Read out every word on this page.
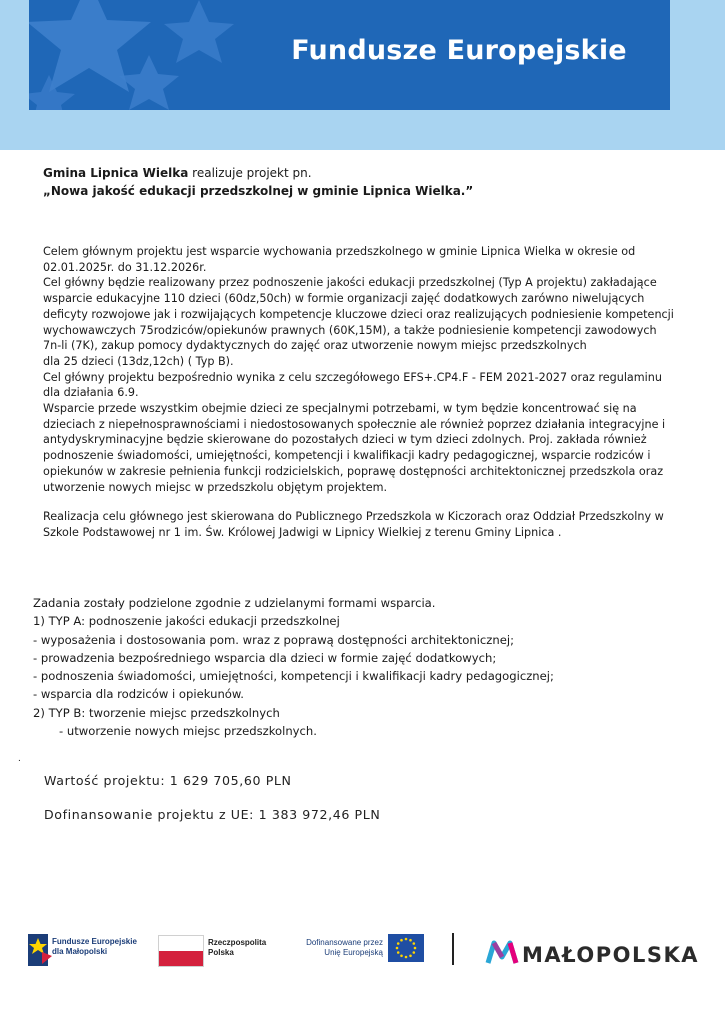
Fundusze Europejskie

Gmina Lipnica Wielka realizuje projekt pn.

„Nowa jakość edukacji przedszkolnej w gminie Lipnica Wielka.”

Celem głównym projektu jest wsparcie wychowania przedszkolnego w gminie Lipnica Wielka w okresie od
02.01.2025r. do 31.12.2026r.
Cel główny będzie realizowany przez podnoszenie jakości edukacji przedszkolnej (Typ A projektu) zakładające
wsparcie edukacyjne 110 dzieci (60dz,50ch) w formie organizacji zajęć dodatkowych zarówno niwelujących
deficyty rozwojowe jak i rozwijających kompetencje kluczowe dzieci oraz realizujących podniesienie kompetencji
wychowawczych 75rodziców/opiekunów prawnych (60K,15M), a także podniesienie kompetencji zawodowych
7n-li (7K), zakup pomocy dydaktycznych do zajęć oraz utworzenie nowym miejsc przedszkolnych
dla 25 dzieci (13dz,12ch) ( Typ B).
Cel główny projektu bezpośrednio wynika z celu szczegółowego EFS+.CP4.F - FEM 2021-2027 oraz regulaminu
dla działania 6.9.
Wsparcie przede wszystkim obejmie dzieci ze specjalnymi potrzebami, w tym będzie koncentrować się na
dzieciach z niepełnosprawnościami i niedostosowanych społecznie ale również poprzez działania integracyjne i
antydyskryminacyjne będzie skierowane do pozostałych dzieci w tym dzieci zdolnych. Proj. zakłada również
podnoszenie świadomości, umiejętności, kompetencji i kwalifikacji kadry pedagogicznej, wsparcie rodziców i
opiekunów w zakresie pełnienia funkcji rodzicielskich, poprawę dostępności architektonicznej przedszkola oraz
utworzenie nowych miejsc w przedszkolu objętym projektem.

Realizacja celu głównego jest skierowana do Publicznego Przedszkola w Kiczorach oraz Oddział Przedszkolny w
Szkole Podstawowej nr 1 im. Św. Królowej Jadwigi w Lipnicy Wielkiej z terenu Gminy Lipnica .

Zadania zostały podzielone zgodnie z udzielanymi formami wsparcia.
1) TYP A: podnoszenie jakości edukacji przedszkolnej
- wyposażenia i dostosowania pom. wraz z poprawą dostępności architektonicznej;
- prowadzenia bezpośredniego wsparcia dla dzieci w formie zajęć dodatkowych;
- podnoszenia świadomości, umiejętności, kompetencji i kwalifikacji kadry pedagogicznej;
- wsparcia dla rodziców i opiekunów.
2) TYP B: tworzenie miejsc przedszkolnych
- utworzenie nowych miejsc przedszkolnych.
.
Wartość projektu: 1 629 705,60 PLN
Dofinansowanie projektu z UE: 1 383 972,46 PLN
Fundusze Europejskie
dla Małopolski
Rzeczpospolita
Polska
Dofinansowane przez
Unię Europejską	MAŁOPOLSKA
